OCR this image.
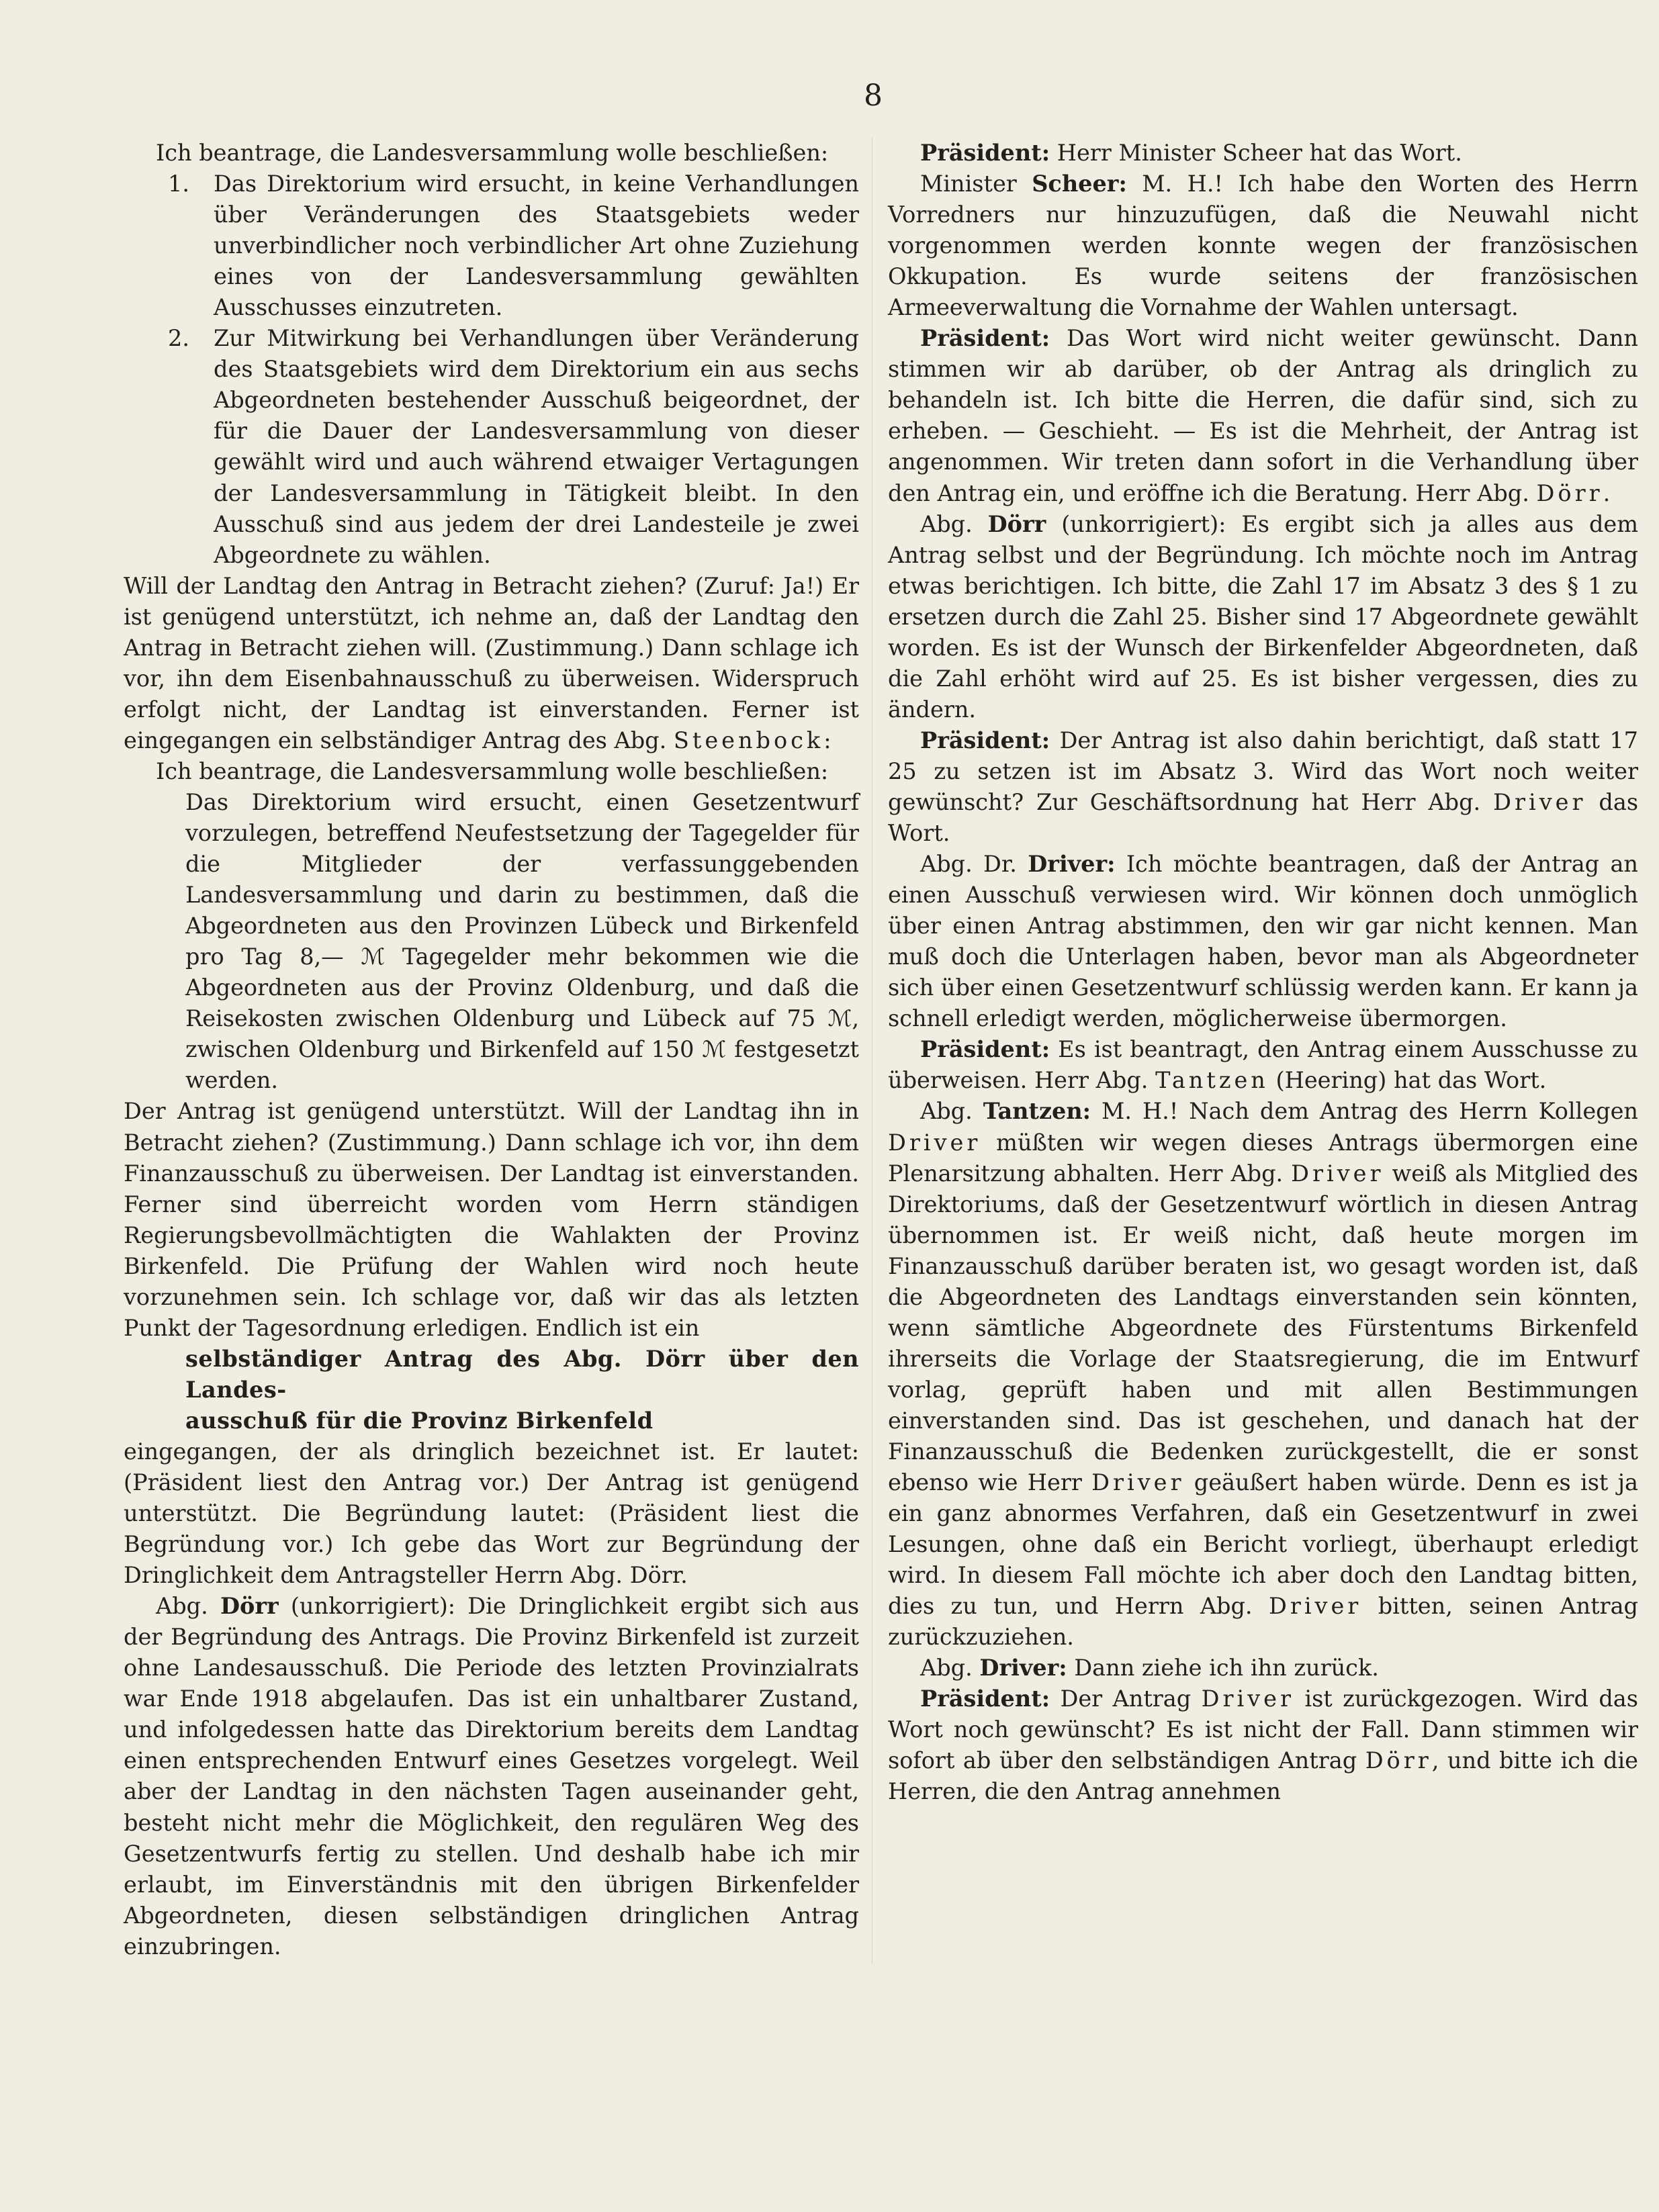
8

Ich beantrage, die Landesversammlung wolle beschließen:

1. Das Direktorium wird ersucht, in keine Verhandlungen über Veränderungen des Staatsgebiets weder unverbindlicher noch verbindlicher Art ohne Zuziehung eines von der Landesversammlung gewählten Ausschusses einzutreten.

2. Zur Mitwirkung bei Verhandlungen über Veränderung des Staatsgebiets wird dem Direktorium ein aus sechs Abgeordneten bestehender Ausschuß beigeordnet, der für die Dauer der Landesversammlung von dieser gewählt wird und auch während etwaiger Vertagungen der Landesversammlung in Tätigkeit bleibt. In den Ausschuß sind aus jedem der drei Landesteile je zwei Abgeordnete zu wählen.

Will der Landtag den Antrag in Betracht ziehen? (Zuruf: Ja!) Er ist genügend unterstützt, ich nehme an, daß der Landtag den Antrag in Betracht ziehen will. (Zustimmung.) Dann schlage ich vor, ihn dem Eisenbahnausschuß zu überweisen. Widerspruch erfolgt nicht, der Landtag ist einverstanden. Ferner ist eingegangen ein selbständiger Antrag des Abg. Steenbock:

Ich beantrage, die Landesversammlung wolle beschließen:

Das Direktorium wird ersucht, einen Gesetzentwurf vorzulegen, betreffend Neufestsetzung der Tagegelder für die Mitglieder der verfassunggebenden Landesversammlung und darin zu bestimmen, daß die Abgeordneten aus den Provinzen Lübeck und Birkenfeld pro Tag 8,— ℳ Tagegelder mehr bekommen wie die Abgeordneten aus der Provinz Oldenburg, und daß die Reisekosten zwischen Oldenburg und Lübeck auf 75 ℳ, zwischen Oldenburg und Birkenfeld auf 150 ℳ festgesetzt werden.

Der Antrag ist genügend unterstützt. Will der Landtag ihn in Betracht ziehen? (Zustimmung.) Dann schlage ich vor, ihn dem Finanzausschuß zu überweisen. Der Landtag ist einverstanden. Ferner sind überreicht worden vom Herrn ständigen Regierungsbevollmächtigten die Wahlakten der Provinz Birkenfeld. Die Prüfung der Wahlen wird noch heute vorzunehmen sein. Ich schlage vor, daß wir das als letzten Punkt der Tagesordnung erledigen. Endlich ist ein

selbständiger Antrag des Abg. Dörr über den Landes-

ausschuß für die Provinz Birkenfeld

eingegangen, der als dringlich bezeichnet ist. Er lautet: (Präsident liest den Antrag vor.) Der Antrag ist genügend unterstützt. Die Begründung lautet: (Präsident liest die Begründung vor.) Ich gebe das Wort zur Begründung der Dringlichkeit dem Antragsteller Herrn Abg. Dörr.

Abg. Dörr (unkorrigiert): Die Dringlichkeit ergibt sich aus der Begründung des Antrags. Die Provinz Birkenfeld ist zurzeit ohne Landesausschuß. Die Periode des letzten Provinzialrats war Ende 1918 abgelaufen. Das ist ein unhaltbarer Zustand, und infolgedessen hatte das Direktorium bereits dem Landtag einen entsprechenden Entwurf eines Gesetzes vorgelegt. Weil aber der Landtag in den nächsten Tagen auseinander geht, besteht nicht mehr die Möglichkeit, den regulären Weg des Gesetzentwurfs fertig zu stellen. Und deshalb habe ich mir erlaubt, im Einverständnis mit den übrigen Birkenfelder Abgeordneten, diesen selbständigen dringlichen Antrag einzubringen.

Präsident: Herr Minister Scheer hat das Wort.

Minister Scheer: M. H.! Ich habe den Worten des Herrn Vorredners nur hinzuzufügen, daß die Neuwahl nicht vorgenommen werden konnte wegen der französischen Okkupation. Es wurde seitens der französischen Armeeverwaltung die Vornahme der Wahlen untersagt.

Präsident: Das Wort wird nicht weiter gewünscht. Dann stimmen wir ab darüber, ob der Antrag als dringlich zu behandeln ist. Ich bitte die Herren, die dafür sind, sich zu erheben. — Geschieht. — Es ist die Mehrheit, der Antrag ist angenommen. Wir treten dann sofort in die Verhandlung über den Antrag ein, und eröffne ich die Beratung. Herr Abg. Dörr.

Abg. Dörr (unkorrigiert): Es ergibt sich ja alles aus dem Antrag selbst und der Begründung. Ich möchte noch im Antrag etwas berichtigen. Ich bitte, die Zahl 17 im Absatz 3 des § 1 zu ersetzen durch die Zahl 25. Bisher sind 17 Abgeordnete gewählt worden. Es ist der Wunsch der Birkenfelder Abgeordneten, daß die Zahl erhöht wird auf 25. Es ist bisher vergessen, dies zu ändern.

Präsident: Der Antrag ist also dahin berichtigt, daß statt 17 25 zu setzen ist im Absatz 3. Wird das Wort noch weiter gewünscht? Zur Geschäftsordnung hat Herr Abg. Driver das Wort.

Abg. Dr. Driver: Ich möchte beantragen, daß der Antrag an einen Ausschuß verwiesen wird. Wir können doch unmöglich über einen Antrag abstimmen, den wir gar nicht kennen. Man muß doch die Unterlagen haben, bevor man als Abgeordneter sich über einen Gesetzentwurf schlüssig werden kann. Er kann ja schnell erledigt werden, möglicherweise übermorgen.

Präsident: Es ist beantragt, den Antrag einem Ausschusse zu überweisen. Herr Abg. Tantzen (Heering) hat das Wort.

Abg. Tantzen: M. H.! Nach dem Antrag des Herrn Kollegen Driver müßten wir wegen dieses Antrags übermorgen eine Plenarsitzung abhalten. Herr Abg. Driver weiß als Mitglied des Direktoriums, daß der Gesetzentwurf wörtlich in diesen Antrag übernommen ist. Er weiß nicht, daß heute morgen im Finanzausschuß darüber beraten ist, wo gesagt worden ist, daß die Abgeordneten des Landtags einverstanden sein könnten, wenn sämtliche Abgeordnete des Fürstentums Birkenfeld ihrerseits die Vorlage der Staatsregierung, die im Entwurf vorlag, geprüft haben und mit allen Bestimmungen einverstanden sind. Das ist geschehen, und danach hat der Finanzausschuß die Bedenken zurückgestellt, die er sonst ebenso wie Herr Driver geäußert haben würde. Denn es ist ja ein ganz abnormes Verfahren, daß ein Gesetzentwurf in zwei Lesungen, ohne daß ein Bericht vorliegt, überhaupt erledigt wird. In diesem Fall möchte ich aber doch den Landtag bitten, dies zu tun, und Herrn Abg. Driver bitten, seinen Antrag zurückzuziehen.

Abg. Driver: Dann ziehe ich ihn zurück.

Präsident: Der Antrag Driver ist zurückgezogen. Wird das Wort noch gewünscht? Es ist nicht der Fall. Dann stimmen wir sofort ab über den selbständigen Antrag Dörr, und bitte ich die Herren, die den Antrag annehmen
